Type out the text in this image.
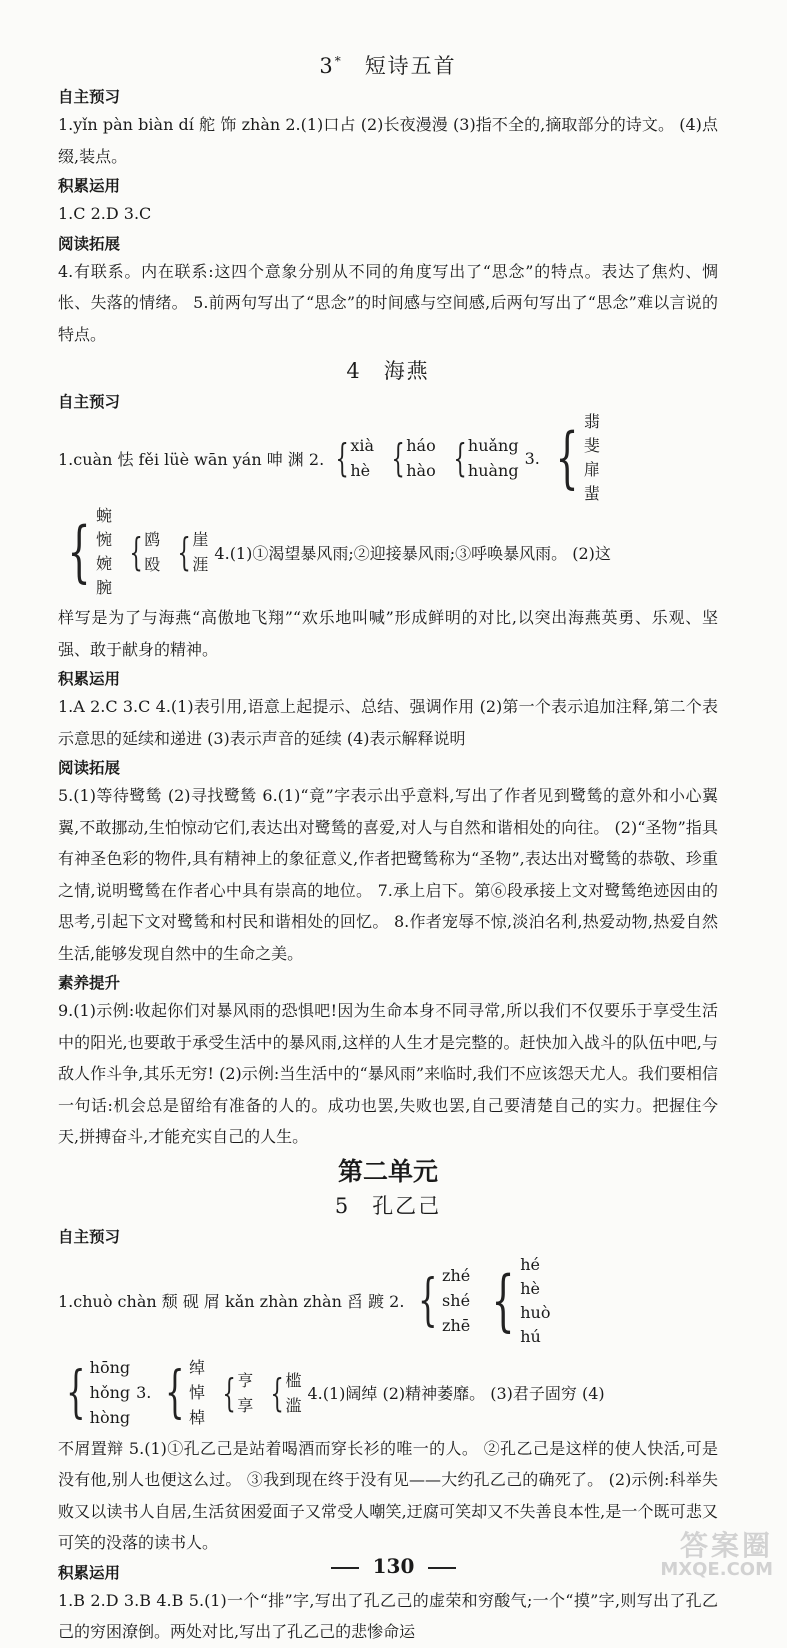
3* 短诗五首
自主预习

1.yǐn pàn biàn dí 舵 饰 zhàn 2.(1)口占 (2)长夜漫漫 (3)指不全的,摘取部分的诗文。 (4)点缀,装点。

积累运用

1.C 2.D 3.C

阅读拓展

4.有联系。内在联系:这四个意象分别从不同的角度写出了“思念”的特点。表达了焦灼、惆怅、失落的情绪。 5.前两句写出了“思念”的时间感与空间感,后两句写出了“思念”难以言说的特点。

4 海燕
自主预习
1.cuàn 怯 fěi lüè wān yán 呻 渊 2. { xià
hè { háo
hào { huǎng
huàng
3. { 翡
斐
扉
蜚
{ 蜿
惋
婉
腕
{ 鸥
殴 { 崖
涯
4.(1)①渴望暴风雨;②迎接暴风雨;③呼唤暴风雨。 (2)这

样写是为了与海燕“高傲地飞翔”“欢乐地叫喊”形成鲜明的对比,以突出海燕英勇、乐观、坚强、敢于献身的精神。

积累运用

1.A 2.C 3.C 4.(1)表引用,语意上起提示、总结、强调作用 (2)第一个表示追加注释,第二个表示意思的延续和递进 (3)表示声音的延续 (4)表示解释说明

阅读拓展

5.(1)等待鹭鸶 (2)寻找鹭鸶 6.(1)“竟”字表示出乎意料,写出了作者见到鹭鸶的意外和小心翼翼,不敢挪动,生怕惊动它们,表达出对鹭鸶的喜爱,对人与自然和谐相处的向往。 (2)“圣物”指具有神圣色彩的物件,具有精神上的象征意义,作者把鹭鸶称为“圣物”,表达出对鹭鸶的恭敬、珍重之情,说明鹭鸶在作者心中具有崇高的地位。 7.承上启下。第⑥段承接上文对鹭鸶绝迹因由的思考,引起下文对鹭鸶和村民和谐相处的回忆。 8.作者宠辱不惊,淡泊名利,热爱动物,热爱自然生活,能够发现自然中的生命之美。

素养提升

9.(1)示例:收起你们对暴风雨的恐惧吧!因为生命本身不同寻常,所以我们不仅要乐于享受生活中的阳光,也要敢于承受生活中的暴风雨,这样的人生才是完整的。赶快加入战斗的队伍中吧,与敌人作斗争,其乐无穷! (2)示例:当生活中的“暴风雨”来临时,我们不应该怨天尤人。我们要相信一句话:机会总是留给有准备的人的。成功也罢,失败也罢,自己要清楚自己的实力。把握住今天,拼搏奋斗,才能充实自己的人生。

第二单元
5 孔乙己
自主预习
1.chuò chàn 颓 砚 屑 kǎn zhàn zhàn 舀 踱 2. { zhé
shé
zhē { hé
hè
huò
hú
{ hōng
hǒng
hòng
3. { 绰
悼
棹
{ 亨
享 { 槛
滥
4.(1)阔绰 (2)精神萎靡。 (3)君子固穷 (4)

不屑置辩 5.(1)①孔乙己是站着喝酒而穿长衫的唯一的人。 ②孔乙己是这样的使人快活,可是没有他,别人也便这么过。 ③我到现在终于没有见——大约孔乙己的确死了。 (2)示例:科举失败又以读书人自居,生活贫困爱面子又常受人嘲笑,迂腐可笑却又不失善良本性,是一个既可悲又可笑的没落的读书人。

积累运用

1.B 2.D 3.B 4.B 5.(1)一个“排”字,写出了孔乙己的虚荣和穷酸气;一个“摸”字,则写出了孔乙己的穷困潦倒。两处对比,写出了孔乙己的悲惨命运

130
答案圈
MXQE.COM
